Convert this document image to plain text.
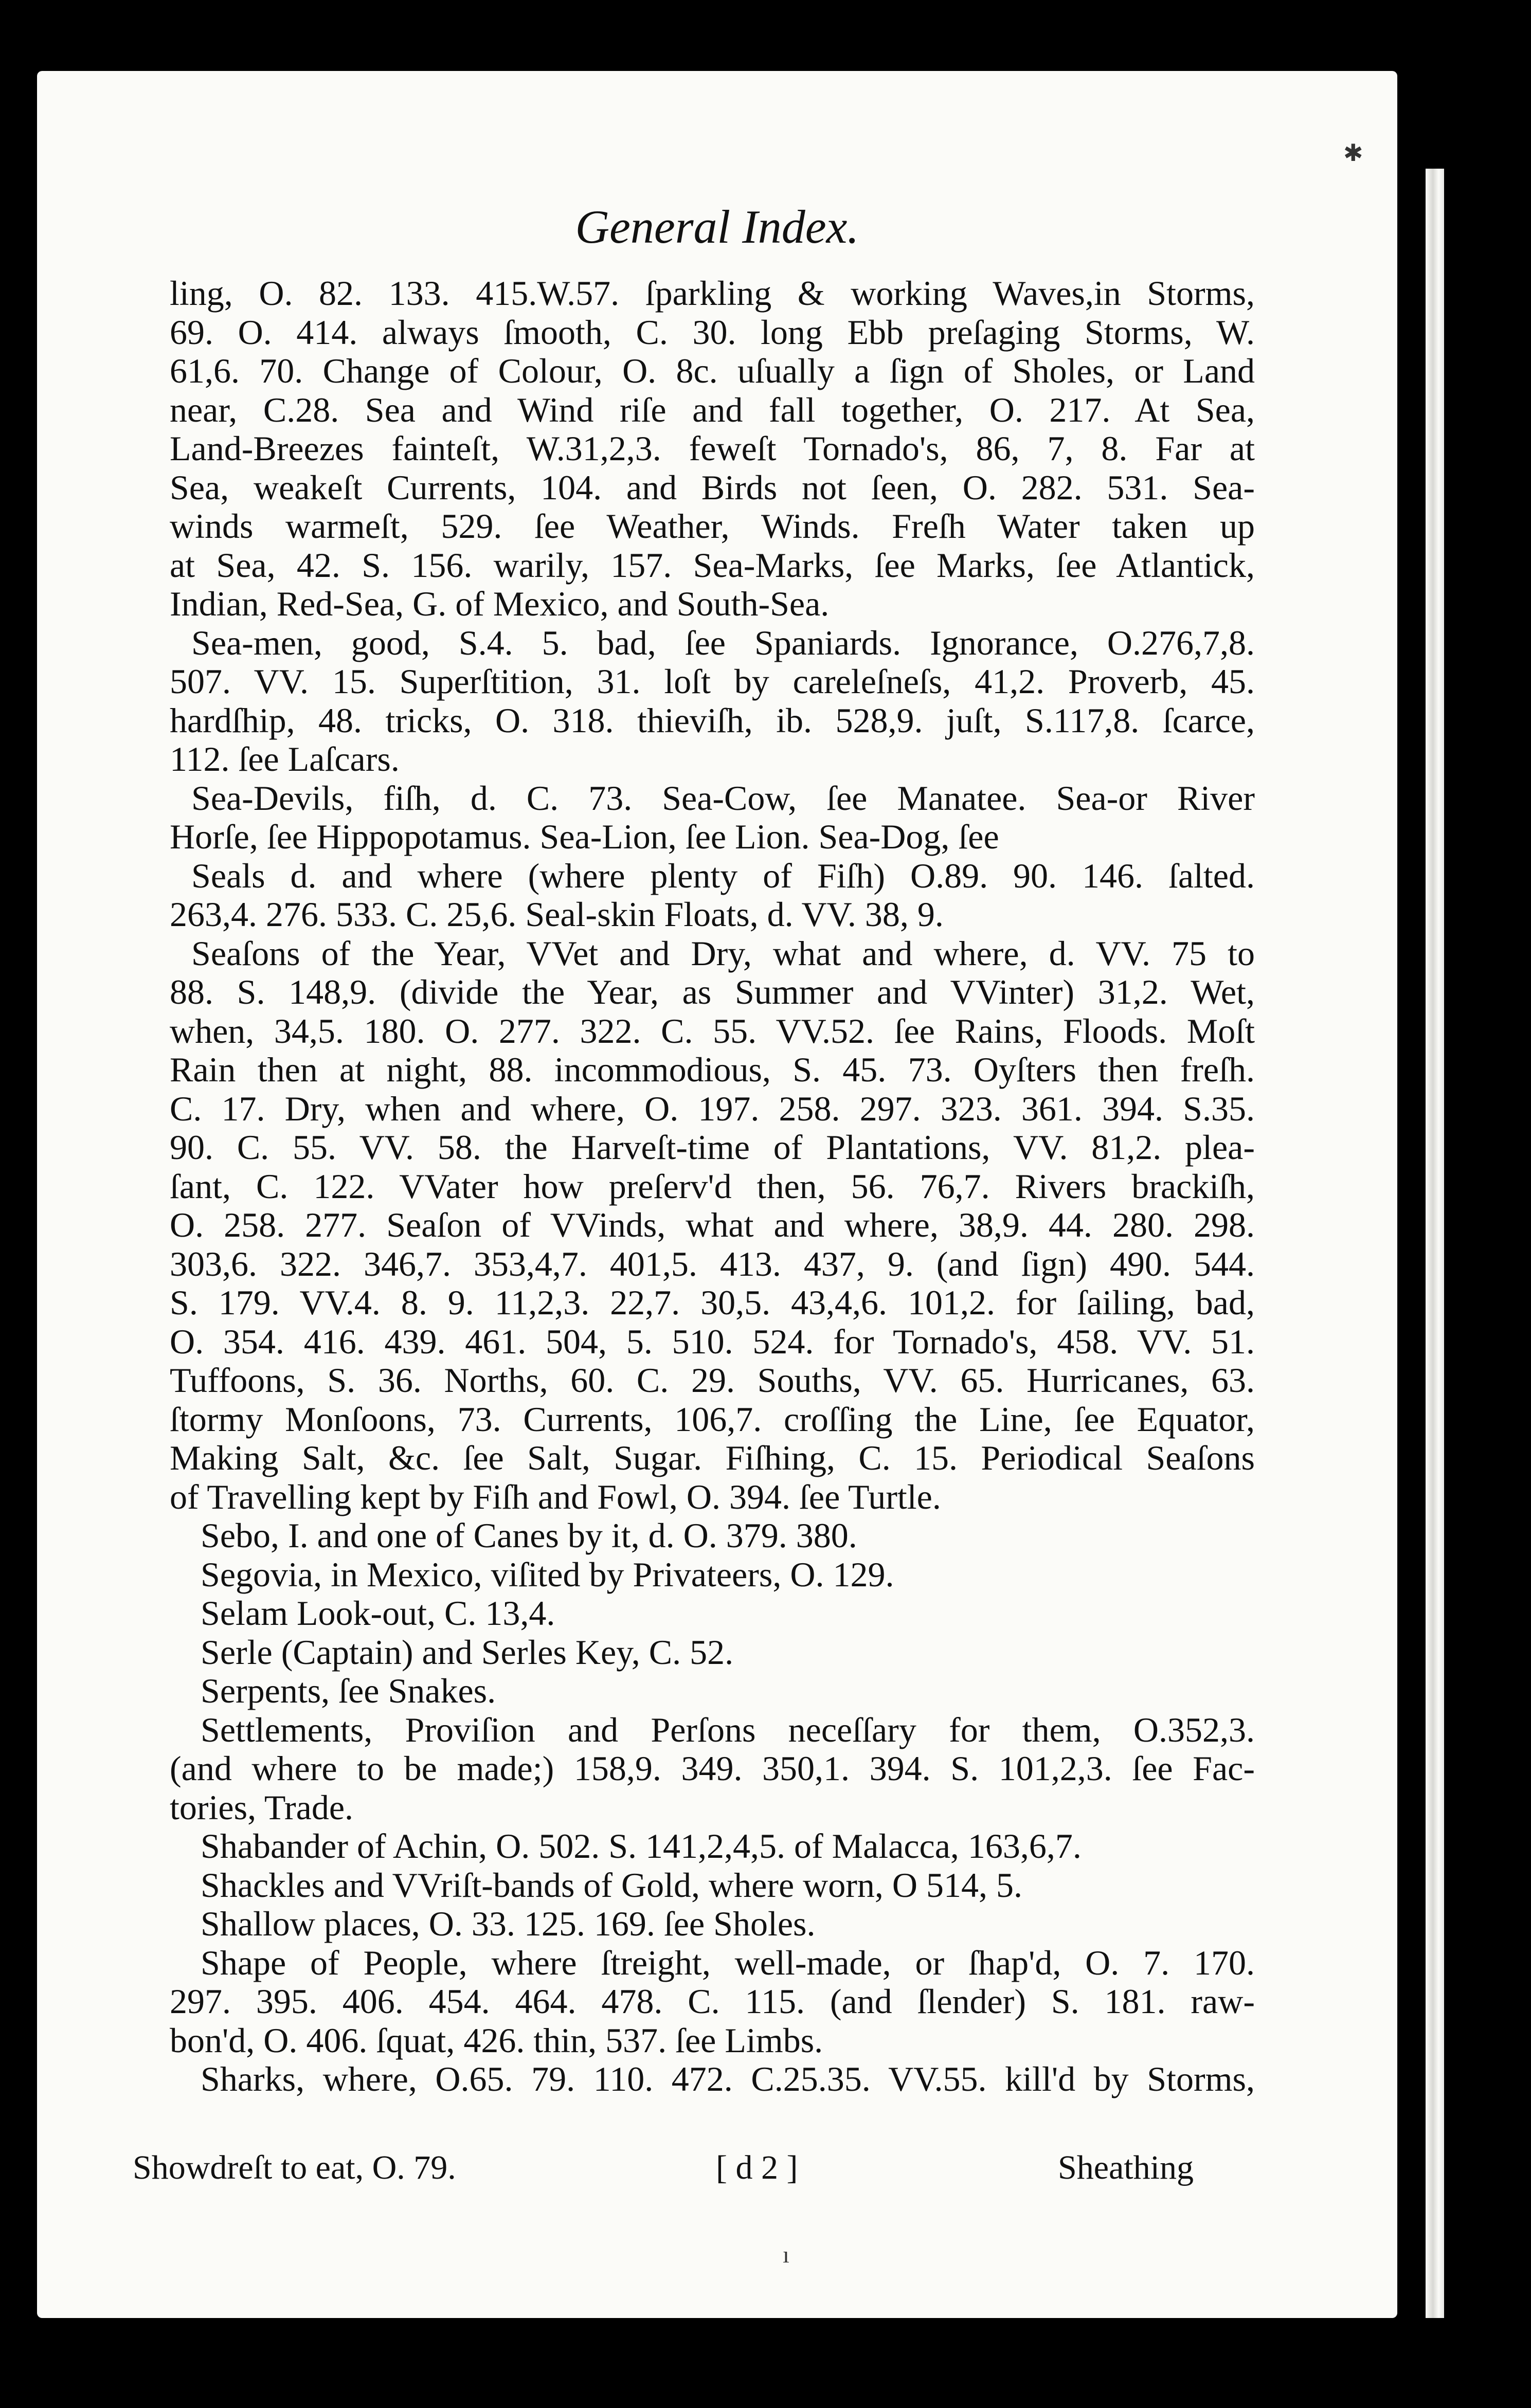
General Index.
ling, O. 82. 133. 415.W.57. ſparkling & working Waves,in Storms,
69. O. 414. always ſmooth, C. 30. long Ebb preſaging Storms, W.
61,6. 70. Change of Colour, O. 8c. uſually a ſign of Sholes, or Land
near, C.28. Sea and Wind riſe and fall together, O. 217. At Sea,
Land-Breezes fainteſt, W.31,2,3. feweſt Tornado's, 86, 7, 8. Far at
Sea, weakeſt Currents, 104. and Birds not ſeen, O. 282. 531. Sea-
winds warmeſt, 529. ſee Weather, Winds. Freſh Water taken up
at Sea, 42. S. 156. warily, 157. Sea-Marks, ſee Marks, ſee Atlantick,
Indian, Red-Sea, G. of Mexico, and South-Sea.
Sea-men, good, S.4. 5. bad, ſee Spaniards. Ignorance, O.276,7,8.
507. VV. 15. Superſtition, 31. loſt by careleſneſs, 41,2. Proverb, 45.
hardſhip, 48. tricks, O. 318. thieviſh, ib. 528,9. juſt, S.117,8. ſcarce,
112. ſee Laſcars.
Sea-Devils, fiſh, d. C. 73. Sea-Cow, ſee Manatee. Sea-or River
Horſe, ſee Hippopotamus. Sea-Lion, ſee Lion. Sea-Dog, ſee
Seals d. and where (where plenty of Fiſh) O.89. 90. 146. ſalted.
263,4. 276. 533. C. 25,6. Seal-skin Floats, d. VV. 38, 9.
Seaſons of the Year, VVet and Dry, what and where, d. VV. 75 to
88. S. 148,9. (divide the Year, as Summer and VVinter) 31,2. Wet,
when, 34,5. 180. O. 277. 322. C. 55. VV.52. ſee Rains, Floods. Moſt
Rain then at night, 88. incommodious, S. 45. 73. Oyſters then freſh.
C. 17. Dry, when and where, O. 197. 258. 297. 323. 361. 394. S.35.
90. C. 55. VV. 58. the Harveſt-time of Plantations, VV. 81,2. plea-
ſant, C. 122. VVater how preſerv'd then, 56. 76,7. Rivers brackiſh,
O. 258. 277. Seaſon of VVinds, what and where, 38,9. 44. 280. 298.
303,6. 322. 346,7. 353,4,7. 401,5. 413. 437, 9. (and ſign) 490. 544.
S. 179. VV.4. 8. 9. 11,2,3. 22,7. 30,5. 43,4,6. 101,2. for ſailing, bad,
O. 354. 416. 439. 461. 504, 5. 510. 524. for Tornado's, 458. VV. 51.
Tuffoons, S. 36. Norths, 60. C. 29. Souths, VV. 65. Hurricanes, 63.
ſtormy Monſoons, 73. Currents, 106,7. croſſing the Line, ſee Equator,
Making Salt, &c. ſee Salt, Sugar. Fiſhing, C. 15. Periodical Seaſons
of Travelling kept by Fiſh and Fowl, O. 394. ſee Turtle.
Sebo, I. and one of Canes by it, d. O. 379. 380.
Segovia, in Mexico, viſited by Privateers, O. 129.
Selam Look-out, C. 13,4.
Serle (Captain) and Serles Key, C. 52.
Serpents, ſee Snakes.
Settlements, Proviſion and Perſons neceſſary for them, O.352,3.
(and where to be made;) 158,9. 349. 350,1. 394. S. 101,2,3. ſee Fac-
tories, Trade.
Shabander of Achin, O. 502. S. 141,2,4,5. of Malacca, 163,6,7.
Shackles and VVriſt-bands of Gold, where worn, O 514, 5.
Shallow places, O. 33. 125. 169. ſee Sholes.
Shape of People, where ſtreight, well-made, or ſhap'd, O. 7. 170.
297. 395. 406. 454. 464. 478. C. 115. (and ſlender) S. 181. raw-
bon'd, O. 406. ſquat, 426. thin, 537. ſee Limbs.
Sharks, where, O.65. 79. 110. 472. C.25.35. VV.55. kill'd by Storms,
Showdreſt to eat, O. 79.	[ d 2 ]	Sheathing
✱
ı
